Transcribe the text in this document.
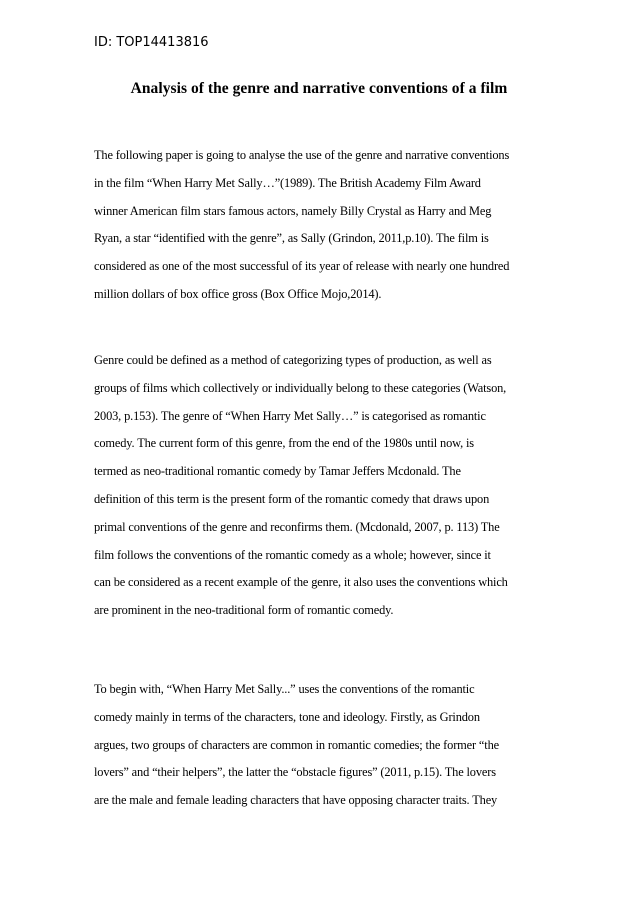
ID: TOP14413816
Analysis of the genre and narrative conventions of a film
The following paper is going to analyse the use of the genre and narrative conventions
in the film “When Harry Met Sally…”(1989). The British Academy Film Award
winner American film stars famous actors, namely Billy Crystal as Harry and Meg
Ryan, a star “identified with the genre”, as Sally (Grindon, 2011,p.10). The film is
considered as one of the most successful of its year of release with nearly one hundred
million dollars of box office gross (Box Office Mojo,2014).
Genre could be defined as a method of categorizing types of production, as well as
groups of films which collectively or individually belong to these categories (Watson,
2003, p.153). The genre of “When Harry Met Sally…” is categorised as romantic
comedy. The current form of this genre, from the end of the 1980s until now, is
termed as neo-traditional romantic comedy by Tamar Jeffers Mcdonald. The
definition of this term is the present form of the romantic comedy that draws upon
primal conventions of the genre and reconfirms them. (Mcdonald, 2007, p. 113) The
film follows the conventions of the romantic comedy as a whole; however, since it
can be considered as a recent example of the genre, it also uses the conventions which
are prominent in the neo-traditional form of romantic comedy.
To begin with, “When Harry Met Sally...” uses the conventions of the romantic
comedy mainly in terms of the characters, tone and ideology. Firstly, as Grindon
argues, two groups of characters are common in romantic comedies; the former “the
lovers” and “their helpers”, the latter the “obstacle figures” (2011, p.15). The lovers
are the male and female leading characters that have opposing character traits. They
